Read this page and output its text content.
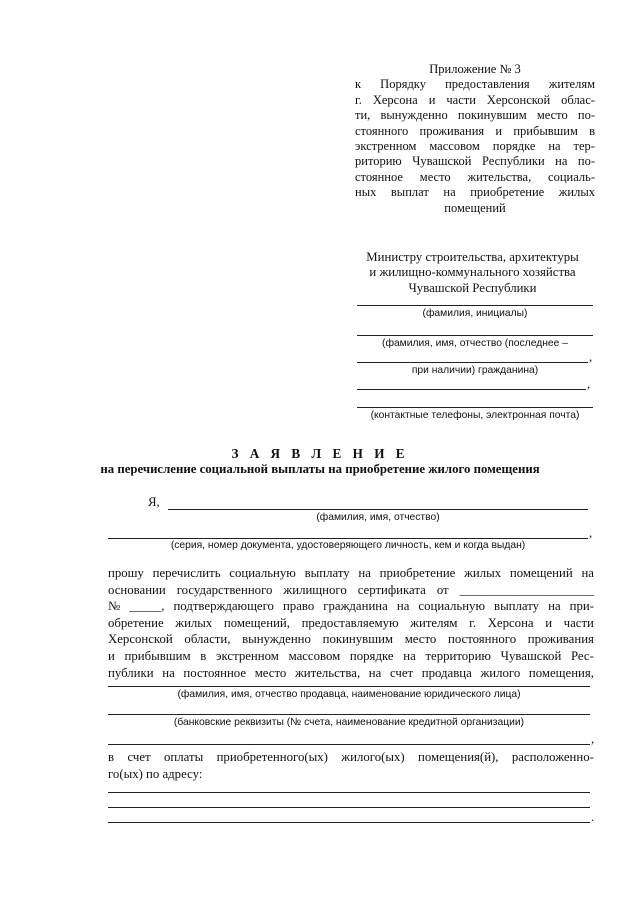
Приложение № 3
к Порядку предоставления жителям
г. Херсона и части Херсонской облас-
ти, вынужденно покинувшим место по-
стоянного проживания и прибывшим в
экстренном массовом порядке на тер-
риторию Чувашской Республики на по-
стоянное место жительства, социаль-
ных выплат на приобретение жилых
помещений
Министру строительства, архитектуры
и жилищно-коммунального хозяйства
Чувашской Республики
(фамилия, инициалы)
(фамилия, имя, отчество (последнее –
,
при наличии) гражданина)
,
(контактные телефоны, электронная почта)
З А Я В Л Е Н И Е
на перечисление социальной выплаты на приобретение жилого помещения
Я,
(фамилия, имя, отчество)
,
(серия, номер документа, удостоверяющего личность, кем и когда выдан)
прошу перечислить социальную выплату на приобретение жилых помещений на
основании государственного жилищного сертификата от _____________________
№ _____, подтверждающего право гражданина на социальную выплату на при-
обретение жилых помещений, предоставляемую жителям г. Херсона и части
Херсонской области, вынужденно покинувшим место постоянного проживания
и прибывшим в экстренном массовом порядке на территорию Чувашской Рес-
публики на постоянное место жительства, на счет продавца жилого помещения,
(фамилия, имя, отчество продавца, наименование юридического лица)
(банковские реквизиты (№ счета, наименование кредитной организации)
,
в счет оплаты приобретенного(ых) жилого(ых) помещения(й), расположенно-
го(ых) по адресу:
.
